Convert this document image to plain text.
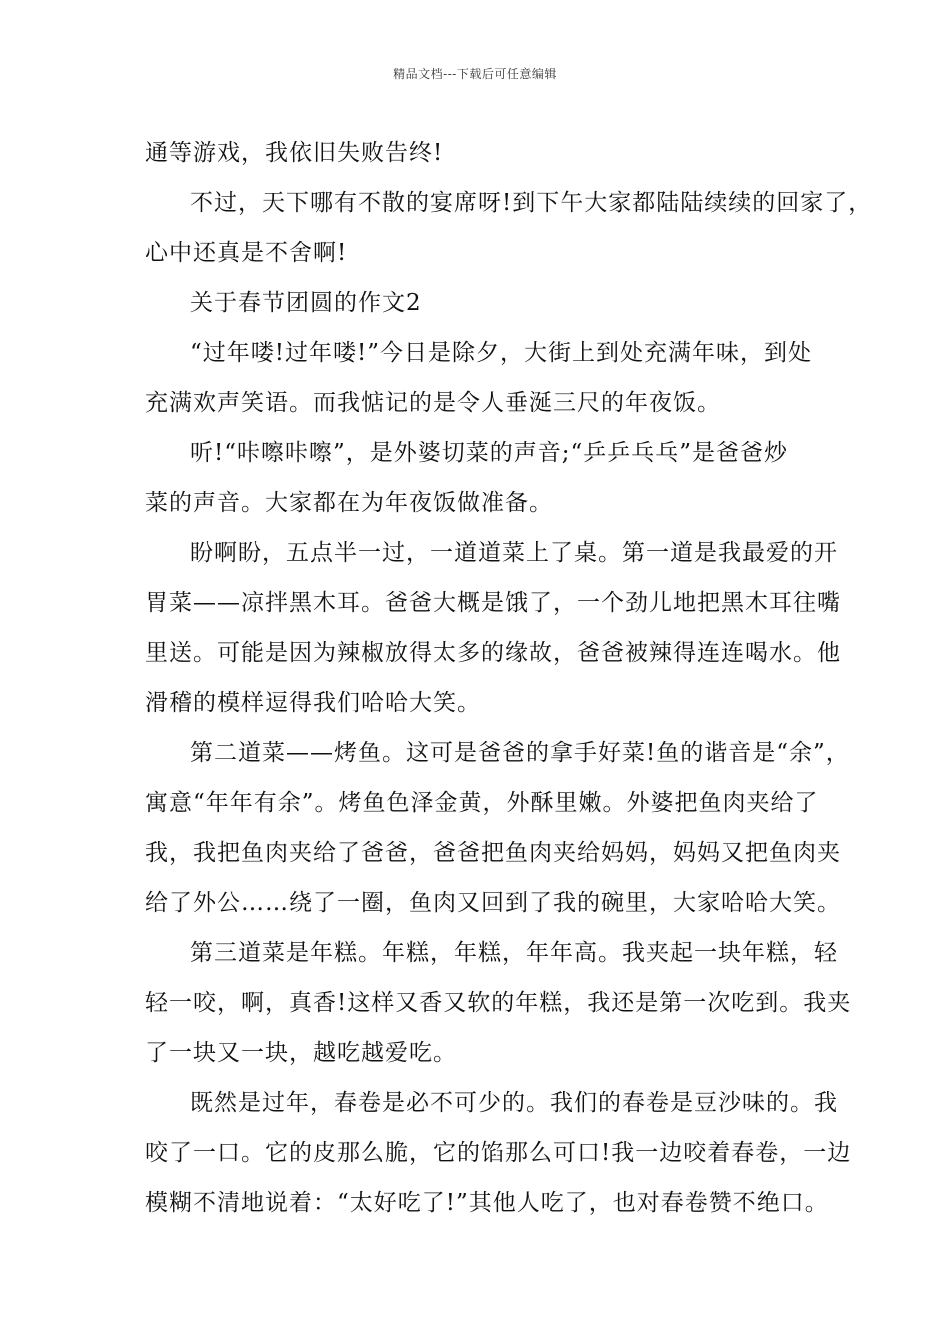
精品文档---下载后可任意编辑
通等游戏，我依旧失败告终!
不过，天下哪有不散的宴席呀!到下午大家都陆陆续续的回家了，
心中还真是不舍啊!
关于春节团圆的作文2
“过年喽!过年喽!”今日是除夕，大街上到处充满年味，到处
充满欢声笑语。而我惦记的是令人垂涎三尺的年夜饭。
听!“咔嚓咔嚓”，是外婆切菜的声音;“乒乒乓乓”是爸爸炒
菜的声音。大家都在为年夜饭做准备。
盼啊盼，五点半一过，一道道菜上了桌。第一道是我最爱的开
胃菜——凉拌黑木耳。爸爸大概是饿了，一个劲儿地把黑木耳往嘴
里送。可能是因为辣椒放得太多的缘故，爸爸被辣得连连喝水。他
滑稽的模样逗得我们哈哈大笑。
第二道菜——烤鱼。这可是爸爸的拿手好菜!鱼的谐音是“余”，
寓意“年年有余”。烤鱼色泽金黄，外酥里嫩。外婆把鱼肉夹给了
我，我把鱼肉夹给了爸爸，爸爸把鱼肉夹给妈妈，妈妈又把鱼肉夹
给了外公……绕了一圈，鱼肉又回到了我的碗里，大家哈哈大笑。
第三道菜是年糕。年糕，年糕，年年高。我夹起一块年糕，轻
轻一咬，啊，真香!这样又香又软的年糕，我还是第一次吃到。我夹
了一块又一块，越吃越爱吃。
既然是过年，春卷是必不可少的。我们的春卷是豆沙味的。我
咬了一口。它的皮那么脆，它的馅那么可口!我一边咬着春卷，一边
模糊不清地说着：“太好吃了!”其他人吃了，也对春卷赞不绝口。
